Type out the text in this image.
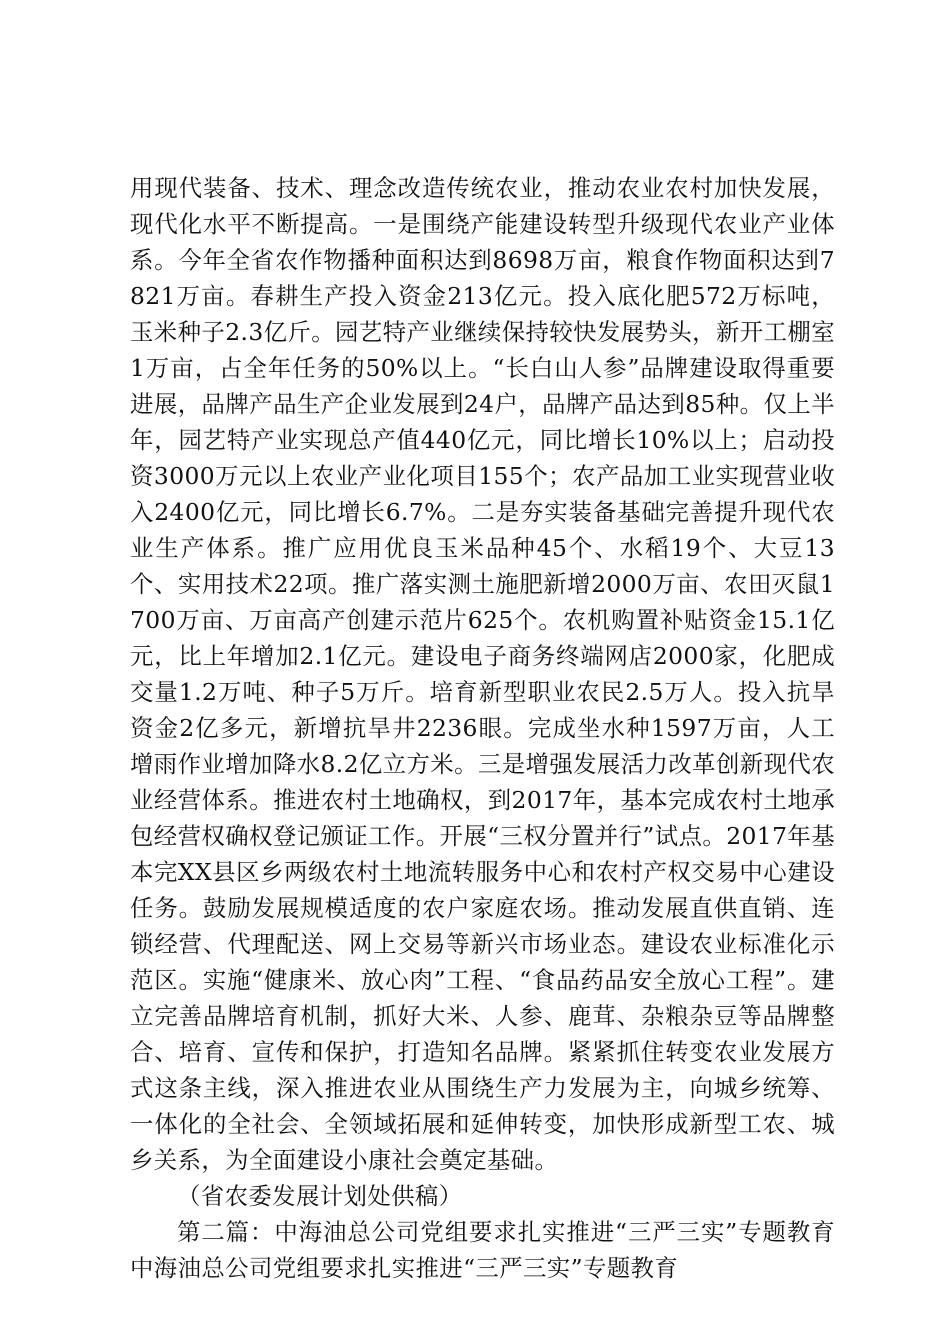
用现代装备、技术、理念改造传统农业，推动农业农村加快发展，现代化水平不断提高。一是围绕产能建设转型升级现代农业产业体系。今年全省农作物播种面积达到8698万亩，粮食作物面积达到7821万亩。春耕生产投入资金213亿元。投入底化肥572万标吨，玉米种子2.3亿斤。园艺特产业继续保持较快发展势头，新开工棚室1万亩，占全年任务的50%以上。“长白山人参”品牌建设取得重要进展，品牌产品生产企业发展到24户，品牌产品达到85种。仅上半年，园艺特产业实现总产值440亿元，同比增长10%以上；启动投资3000万元以上农业产业化项目155个；农产品加工业实现营业收入2400亿元，同比增长6.7%。二是夯实装备基础完善提升现代农业生产体系。推广应用优良玉米品种45个、水稻19个、大豆13个、实用技术22项。推广落实测土施肥新增2000万亩、农田灭鼠1700万亩、万亩高产创建示范片625个。农机购置补贴资金15.1亿元，比上年增加2.1亿元。建设电子商务终端网店2000家，化肥成交量1.2万吨、种子5万斤。培育新型职业农民2.5万人。投入抗旱资金2亿多元，新增抗旱井2236眼。完成坐水种1597万亩，人工增雨作业增加降水8.2亿立方米。三是增强发展活力改革创新现代农业经营体系。推进农村土地确权，到2017年，基本完成农村土地承包经营权确权登记颁证工作。开展“三权分置并行”试点。2017年基本完XX县区乡两级农村土地流转服务中心和农村产权交易中心建设任务。鼓励发展规模适度的农户家庭农场。推动发展直供直销、连锁经营、代理配送、网上交易等新兴市场业态。建设农业标准化示范区。实施“健康米、放心肉”工程、“食品药品安全放心工程”。建立完善品牌培育机制，抓好大米、人参、鹿茸、杂粮杂豆等品牌整合、培育、宣传和保护，打造知名品牌。紧紧抓住转变农业发展方式这条主线，深入推进农业从围绕生产力发展为主，向城乡统筹、一体化的全社会、全领域拓展和延伸转变，加快形成新型工农、城乡关系，为全面建设小康社会奠定基础。

（省农委发展计划处供稿）

第二篇：中海油总公司党组要求扎实推进“三严三实”专题教育中海油总公司党组要求扎实推进“三严三实”专题教育
